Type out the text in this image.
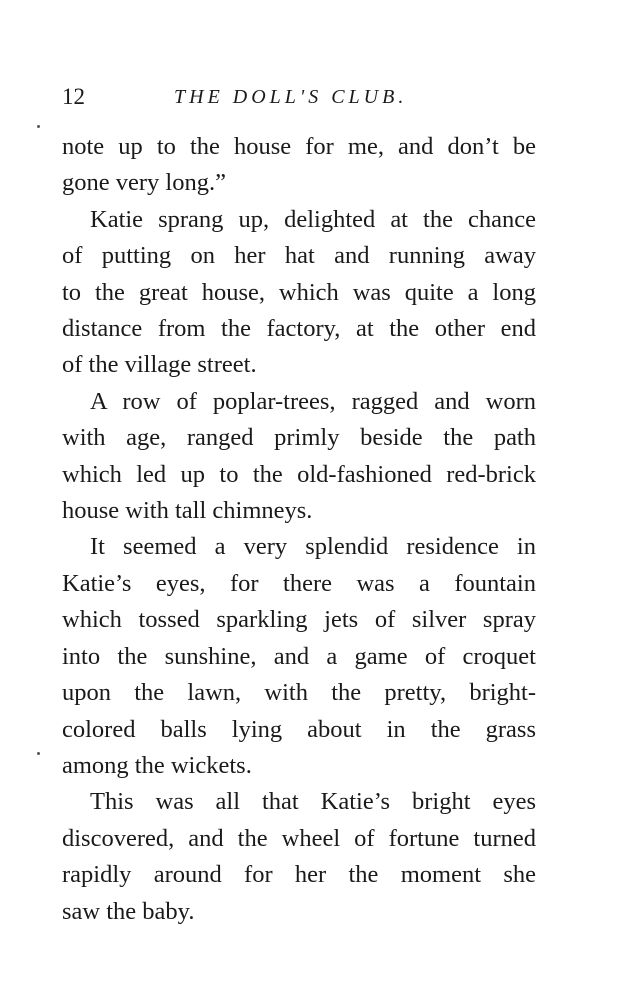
12	THE DOLL'S CLUB.

note up to the house for me, and don’t be
gone very long.”

Katie sprang up, delighted at the chance
of putting on her hat and running away
to the great house, which was quite a long
distance from the factory, at the other end
of the village street.

A row of poplar-trees, ragged and worn
with age, ranged primly beside the path
which led up to the old-fashioned red-brick
house with tall chimneys.

It seemed a very splendid residence in
Katie’s eyes, for there was a fountain
which tossed sparkling jets of silver spray
into the sunshine, and a game of croquet
upon the lawn, with the pretty, bright-
colored balls lying about in the grass
among the wickets.

This was all that Katie’s bright eyes
discovered, and the wheel of fortune turned
rapidly around for her the moment she
saw the baby.
